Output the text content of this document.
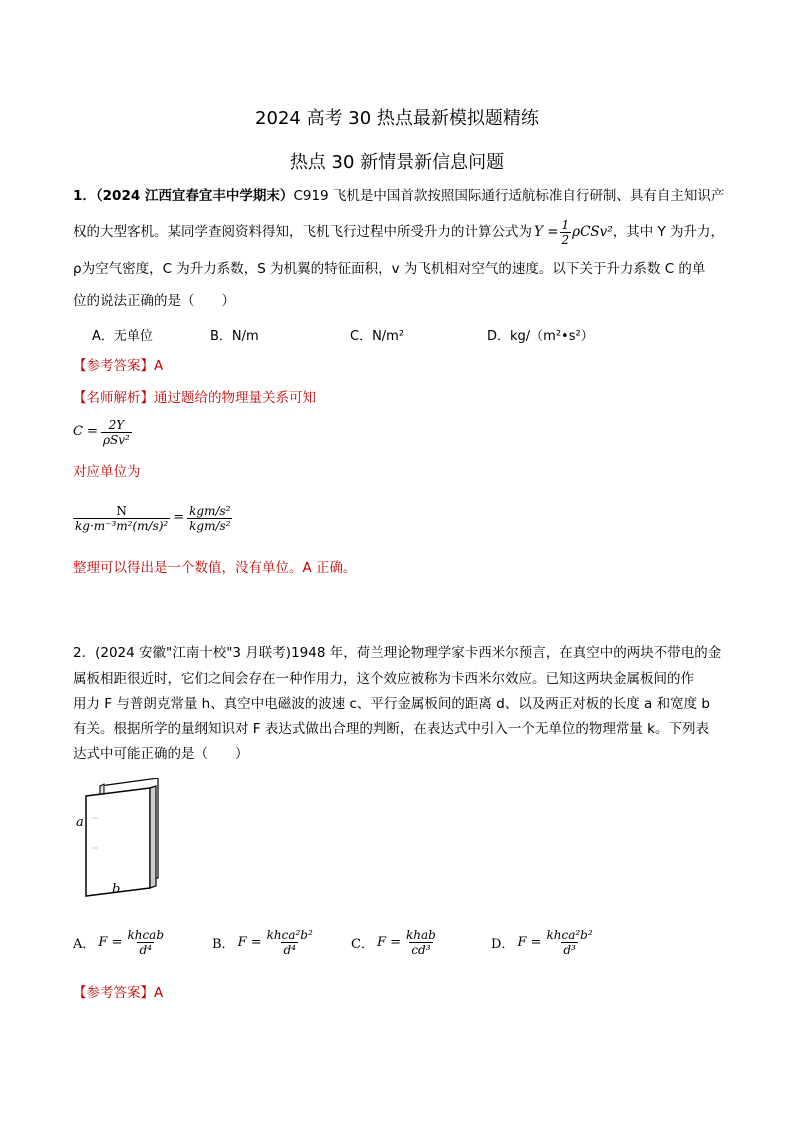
2024 高考 30 热点最新模拟题精练
热点 30 新情景新信息问题
1．（2024 江西宜春宜丰中学期末）C919 飞机是中国首款按照国际通行适航标准自行研制、具有自主知识产
权的大型客机。某同学查阅资料得知，飞机飞行过程中所受升力的计算公式为 $Y = \frac{1}{2} \rho CSv^2$ ，其中 Y 为升力，
ρ为空气密度，C 为升力系数，S 为机翼的特征面积，v 为飞机相对空气的速度。以下关于升力系数 C 的单
位的说法正确的是（　　）
A．无单位	B．N/m	C．N/m²	D．kg/（m²•s²）
【参考答案】A
【名师解析】通过题给的物理量关系可知
$C = \frac{2Y}{\text{ρSv²}}$
对应单位为
$\frac{N}{\text{kg·m⁻³m²(m/s)²}} = \frac{\text{kgm/s²}}{\text{kgm/s²}}$
整理可以得出是一个数值，没有单位。A 正确。
2．(2024 安徽"江南十校"3 月联考)1948 年，荷兰理论物理学家卡西米尔预言，在真空中的两块不带电的金
属板相距很近时，它们之间会存在一种作用力，这个效应被称为卡西米尔效应。已知这两块金属板间的作
用力 F 与普朗克常量 h、真空中电磁波的波速 c、平行金属板间的距离 d、以及两正对板的长度 a 和宽度 b
有关。根据所学的量纲知识对 F 表达式做出合理的判断，在表达式中引入一个无单位的物理常量 k。下列表
达式中可能正确的是（　　）
a
b
A． $F = \frac{\text{khcab}}{\text{d⁴}}$	B． $F = \frac{\text{khca²b²}}{\text{d⁴}}$	C． $F = \frac{\text{khab}}{\text{cd³}}$	D． $F = \frac{\text{khca²b²}}{\text{d³}}$
【参考答案】A
